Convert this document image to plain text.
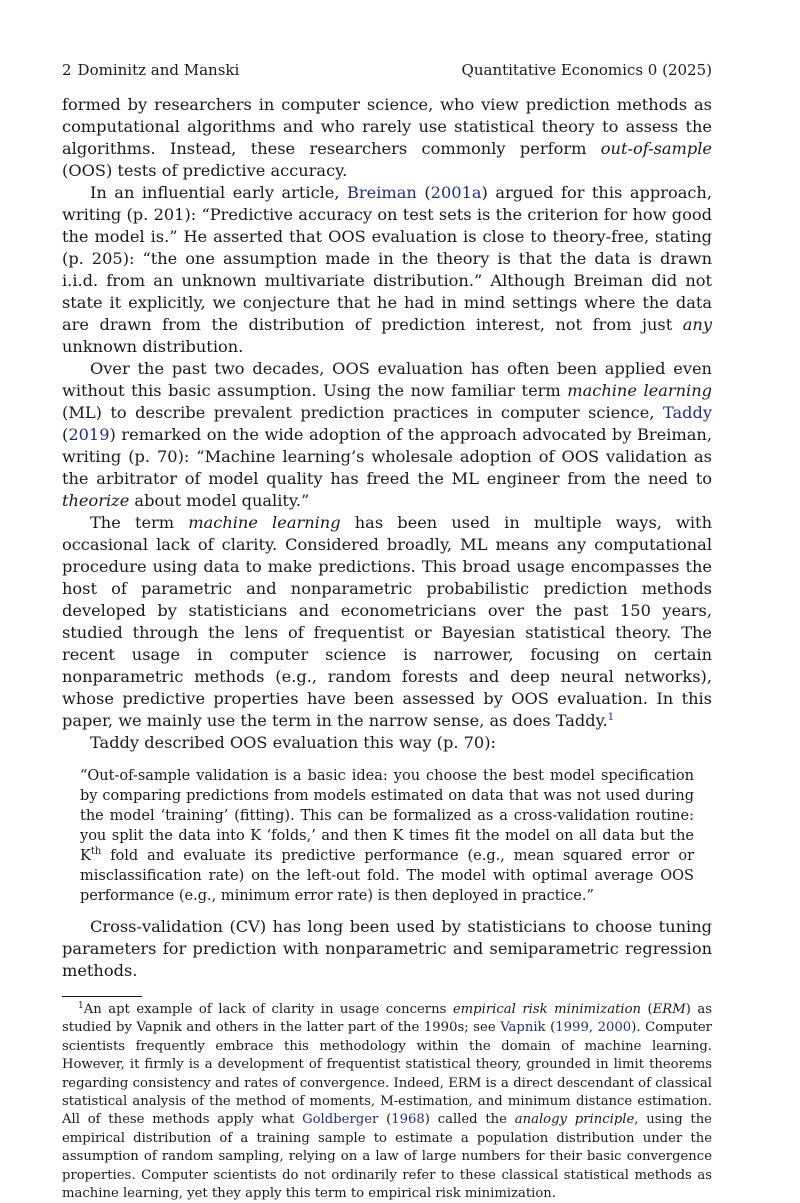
2 Dominitz and Manski	Quantitative Economics 0 (2025)

formed by researchers in computer science, who view prediction methods as computational algorithms and who rarely use statistical theory to assess the algorithms. Instead, these researchers commonly perform out-of-sample (OOS) tests of predictive accuracy.

In an influential early article, Breiman (2001a) argued for this approach, writing (p. 201): “Predictive accuracy on test sets is the criterion for how good the model is.” He asserted that OOS evaluation is close to theory-free, stating (p. 205): “the one assumption made in the theory is that the data is drawn i.i.d. from an unknown multivariate distribution.” Although Breiman did not state it explicitly, we conjecture that he had in mind settings where the data are drawn from the distribution of prediction interest, not from just any unknown distribution.

Over the past two decades, OOS evaluation has often been applied even without this basic assumption. Using the now familiar term machine learning (ML) to describe prevalent prediction practices in computer science, Taddy (2019) remarked on the wide adoption of the approach advocated by Breiman, writing (p. 70): “Machine learning’s wholesale adoption of OOS validation as the arbitrator of model quality has freed the ML engineer from the need to theorize about model quality.”

The term machine learning has been used in multiple ways, with occasional lack of clarity. Considered broadly, ML means any computational procedure using data to make predictions. This broad usage encompasses the host of parametric and nonparametric probabilistic prediction methods developed by statisticians and econometricians over the past 150 years, studied through the lens of frequentist or Bayesian statistical theory. The recent usage in computer science is narrower, focusing on certain nonparametric methods (e.g., random forests and deep neural networks), whose predictive properties have been assessed by OOS evaluation. In this paper, we mainly use the term in the narrow sense, as does Taddy.$^1$

Taddy described OOS evaluation this way (p. 70):

“Out-of-sample validation is a basic idea: you choose the best model specification by comparing predictions from models estimated on data that was not used during the model ‘training’ (fitting). This can be formalized as a cross-validation routine: you split the data into K ‘folds,’ and then K times fit the model on all data but the $K^{th}$ fold and evaluate its predictive performance (e.g., mean squared error or misclassification rate) on the left-out fold. The model with optimal average OOS performance (e.g., minimum error rate) is then deployed in practice.”

Cross-validation (CV) has long been used by statisticians to choose tuning parameters for prediction with nonparametric and semiparametric regression methods.

$^1$An apt example of lack of clarity in usage concerns empirical risk minimization (ERM) as studied by Vapnik and others in the latter part of the 1990s; see Vapnik (1999, 2000). Computer scientists frequently embrace this methodology within the domain of machine learning. However, it firmly is a development of frequentist statistical theory, grounded in limit theorems regarding consistency and rates of convergence. Indeed, ERM is a direct descendant of classical statistical analysis of the method of moments, M-estimation, and minimum distance estimation. All of these methods apply what Goldberger (1968) called the analogy principle, using the empirical distribution of a training sample to estimate a population distribution under the assumption of random sampling, relying on a law of large numbers for their basic convergence properties. Computer scientists do not ordinarily refer to these classical statistical methods as machine learning, yet they apply this term to empirical risk minimization.
